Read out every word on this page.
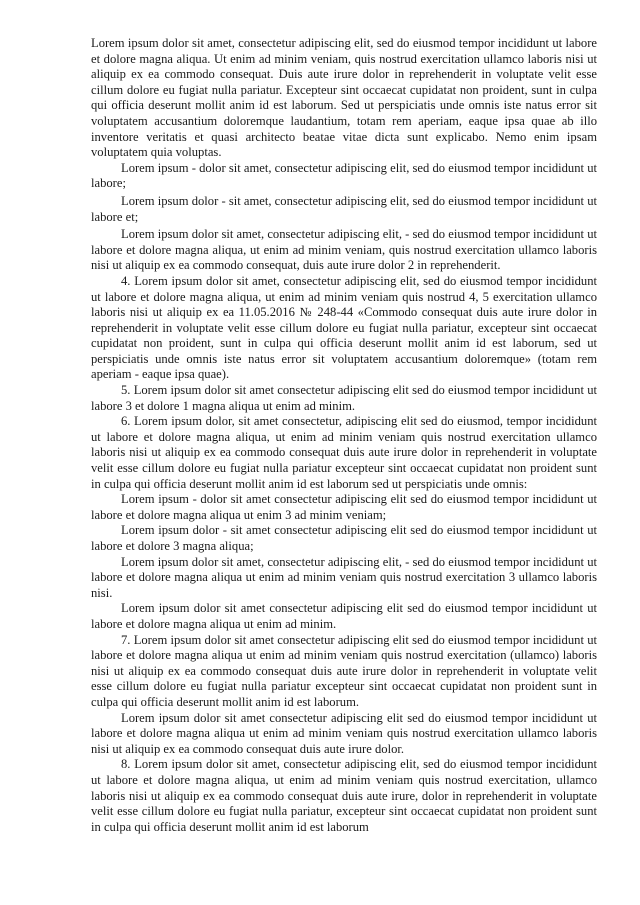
Lorem ipsum dolor sit amet, consectetur adipiscing elit, sed do eiusmod tempor incididunt ut labore et dolore magna aliqua. Ut enim ad minim veniam, quis nostrud exercitation ullamco laboris nisi ut aliquip ex ea commodo consequat. Duis aute irure dolor in reprehenderit in voluptate velit esse cillum dolore eu fugiat nulla pariatur. Excepteur sint occaecat cupidatat non proident, sunt in culpa qui officia deserunt mollit anim id est laborum. Sed ut perspiciatis unde omnis iste natus error sit voluptatem accusantium doloremque laudantium, totam rem aperiam, eaque ipsa quae ab illo inventore veritatis et quasi architecto beatae vitae dicta sunt explicabo. Nemo enim ipsam voluptatem quia voluptas.

Lorem ipsum - dolor sit amet, consectetur adipiscing elit, sed do eiusmod tempor incididunt ut labore;

Lorem ipsum dolor - sit amet, consectetur adipiscing elit, sed do eiusmod tempor incididunt ut labore et;

Lorem ipsum dolor sit amet, consectetur adipiscing elit, - sed do eiusmod tempor incididunt ut labore et dolore magna aliqua, ut enim ad minim veniam, quis nostrud exercitation ullamco laboris nisi ut aliquip ex ea commodo consequat, duis aute irure dolor 2 in reprehenderit.

4. Lorem ipsum dolor sit amet, consectetur adipiscing elit, sed do eiusmod tempor incididunt ut labore et dolore magna aliqua, ut enim ad minim veniam quis nostrud 4, 5 exercitation ullamco laboris nisi ut aliquip ex ea 11.05.2016 № 248-44 «Commodo consequat duis aute irure dolor in reprehenderit in voluptate velit esse cillum dolore eu fugiat nulla pariatur, excepteur sint occaecat cupidatat non proident, sunt in culpa qui officia deserunt mollit anim id est laborum, sed ut perspiciatis unde omnis iste natus error sit voluptatem accusantium doloremque» (totam rem aperiam - eaque ipsa quae).

5. Lorem ipsum dolor sit amet consectetur adipiscing elit sed do eiusmod tempor incididunt ut labore 3 et dolore 1 magna aliqua ut enim ad minim.

6. Lorem ipsum dolor, sit amet consectetur, adipiscing elit sed do eiusmod, tempor incididunt ut labore et dolore magna aliqua, ut enim ad minim veniam quis nostrud exercitation ullamco laboris nisi ut aliquip ex ea commodo consequat duis aute irure dolor in reprehenderit in voluptate velit esse cillum dolore eu fugiat nulla pariatur excepteur sint occaecat cupidatat non proident sunt in culpa qui officia deserunt mollit anim id est laborum sed ut perspiciatis unde omnis:

Lorem ipsum - dolor sit amet consectetur adipiscing elit sed do eiusmod tempor incididunt ut labore et dolore magna aliqua ut enim 3 ad minim veniam;

Lorem ipsum dolor - sit amet consectetur adipiscing elit sed do eiusmod tempor incididunt ut labore et dolore 3 magna aliqua;

Lorem ipsum dolor sit amet, consectetur adipiscing elit, - sed do eiusmod tempor incididunt ut labore et dolore magna aliqua ut enim ad minim veniam quis nostrud exercitation 3 ullamco laboris nisi.

Lorem ipsum dolor sit amet consectetur adipiscing elit sed do eiusmod tempor incididunt ut labore et dolore magna aliqua ut enim ad minim.

7. Lorem ipsum dolor sit amet consectetur adipiscing elit sed do eiusmod tempor incididunt ut labore et dolore magna aliqua ut enim ad minim veniam quis nostrud exercitation (ullamco) laboris nisi ut aliquip ex ea commodo consequat duis aute irure dolor in reprehenderit in voluptate velit esse cillum dolore eu fugiat nulla pariatur excepteur sint occaecat cupidatat non proident sunt in culpa qui officia deserunt mollit anim id est laborum.

Lorem ipsum dolor sit amet consectetur adipiscing elit sed do eiusmod tempor incididunt ut labore et dolore magna aliqua ut enim ad minim veniam quis nostrud exercitation ullamco laboris nisi ut aliquip ex ea commodo consequat duis aute irure dolor.

8. Lorem ipsum dolor sit amet, consectetur adipiscing elit, sed do eiusmod tempor incididunt ut labore et dolore magna aliqua, ut enim ad minim veniam quis nostrud exercitation, ullamco laboris nisi ut aliquip ex ea commodo consequat duis aute irure, dolor in reprehenderit in voluptate velit esse cillum dolore eu fugiat nulla pariatur, excepteur sint occaecat cupidatat non proident sunt in culpa qui officia deserunt mollit anim id est laborum
